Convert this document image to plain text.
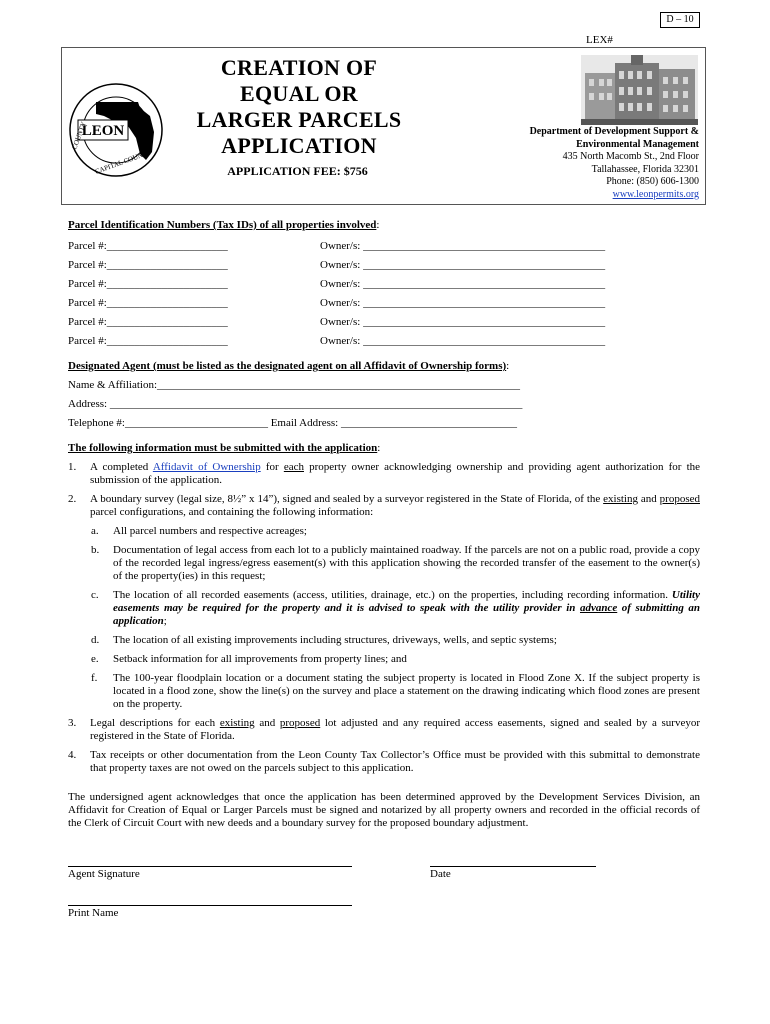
D – 10
LEX#
LEON
COUNTY
CAPITAL COUNTY
CREATION OF
EQUAL OR
LARGER PARCELS
APPLICATION
APPLICATION FEE: $756
Department of Development Support &
Environmental Management
435 North Macomb St., 2nd Floor
Tallahassee, Florida 32301
Phone: (850) 606-1300
www.leonpermits.org
Parcel Identification Numbers (Tax IDs) of all properties involved:
Parcel #:______________________	Owner/s: ____________________________________________
Parcel #:______________________	Owner/s: ____________________________________________
Parcel #:______________________	Owner/s: ____________________________________________
Parcel #:______________________	Owner/s: ____________________________________________
Parcel #:______________________	Owner/s: ____________________________________________
Parcel #:______________________	Owner/s: ____________________________________________
Designated Agent (must be listed as the designated agent on all Affidavit of Ownership forms):
Name & Affiliation:__________________________________________________________________
Address: ___________________________________________________________________________
Telephone #:__________________________ Email Address: ________________________________
The following information must be submitted with the application:
1. A completed Affidavit of Ownership for each property owner acknowledging ownership and providing agent authorization for the submission of the application.
2. A boundary survey (legal size, 8½” x 14”), signed and sealed by a surveyor registered in the State of Florida, of the existing and proposed parcel configurations, and containing the following information:
a. All parcel numbers and respective acreages;
b. Documentation of legal access from each lot to a publicly maintained roadway. If the parcels are not on a public road, provide a copy of the recorded legal ingress/egress easement(s) with this application showing the recorded transfer of the easement to the owner(s) of the property(ies) in this request;
c. The location of all recorded easements (access, utilities, drainage, etc.) on the properties, including recording information. Utility easements may be required for the property and it is advised to speak with the utility provider in advance of submitting an application;
d. The location of all existing improvements including structures, driveways, wells, and septic systems;
e. Setback information for all improvements from property lines; and
f. The 100-year floodplain location or a document stating the subject property is located in Flood Zone X. If the subject property is located in a flood zone, show the line(s) on the survey and place a statement on the drawing indicating which flood zones are present on the property.
3. Legal descriptions for each existing and proposed lot adjusted and any required access easements, signed and sealed by a surveyor registered in the State of Florida.
4. Tax receipts or other documentation from the Leon County Tax Collector’s Office must be provided with this submittal to demonstrate that property taxes are not owed on the parcels subject to this application.
The undersigned agent acknowledges that once the application has been determined approved by the Development Services Division, an Affidavit for Creation of Equal or Larger Parcels must be signed and notarized by all property owners and recorded in the official records of the Clerk of Circuit Court with new deeds and a boundary survey for the proposed boundary adjustment.
Agent Signature	Date
Print Name
